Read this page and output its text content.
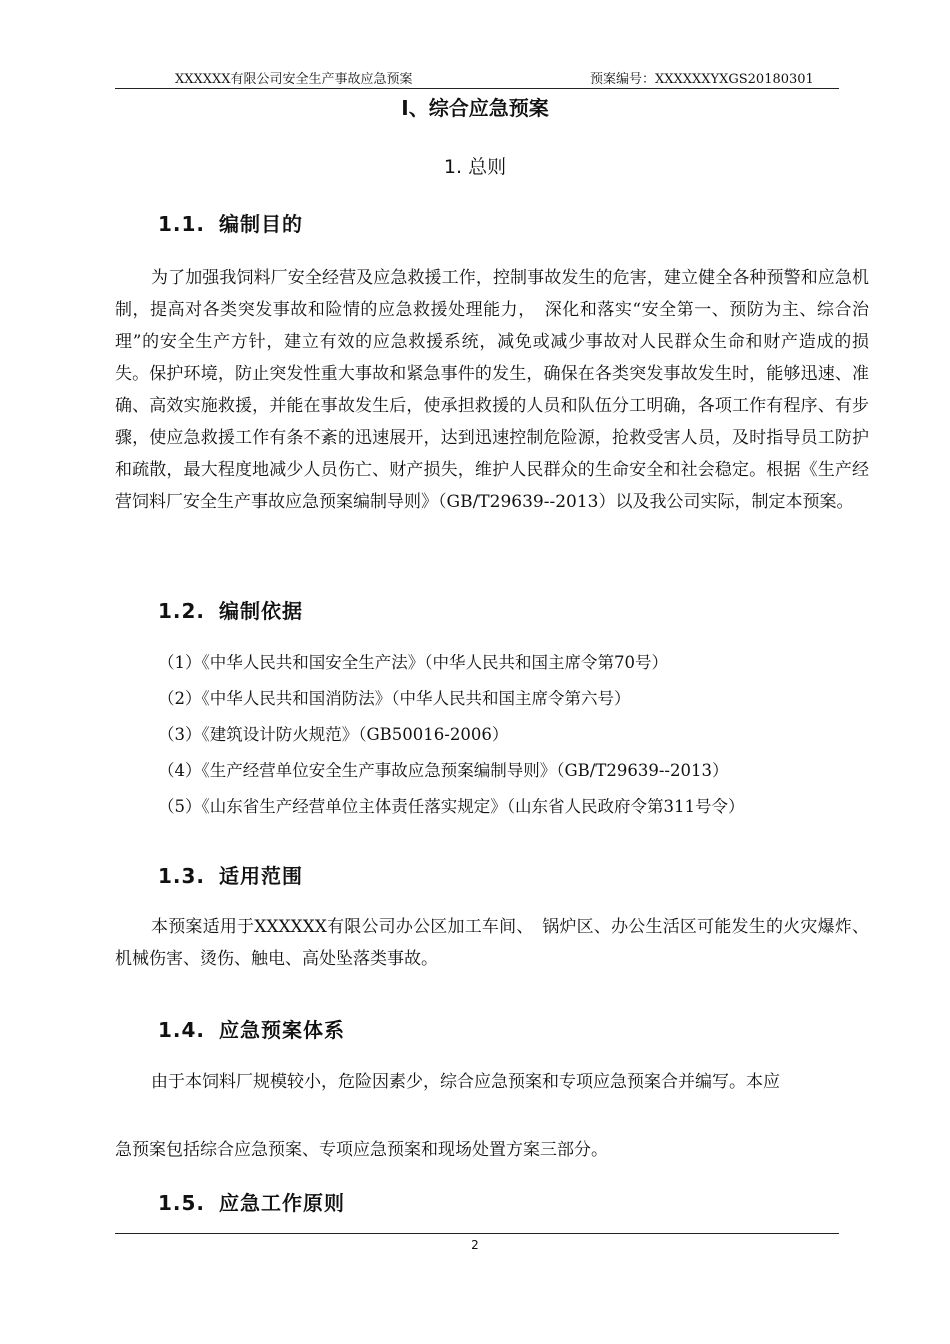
XXXXXX有限公司安全生产事故应急预案	预案编号：XXXXXXYXGS20180301
Ⅰ、综合应急预案
1. 总则
1.1. 编制目的

为了加强我饲料厂安全经营及应急救援工作，控制事故发生的危害，建立健全各种预警和应急机制，提高对各类突发事故和险情的应急救援处理能力，　深化和落实“安全第一、预防为主、综合治理”的安全生产方针，建立有效的应急救援系统，减免或减少事故对人民群众生命和财产造成的损失。保护环境，防止突发性重大事故和紧急事件的发生，确保在各类突发事故发生时，能够迅速、准确、高效实施救援，并能在事故发生后，使承担救援的人员和队伍分工明确，各项工作有程序、有步骤，使应急救援工作有条不紊的迅速展开，达到迅速控制危险源，抢救受害人员，及时指导员工防护和疏散，最大程度地减少人员伤亡、财产损失，维护人民群众的生命安全和社会稳定。根据《生产经营饲料厂安全生产事故应急预案编制导则》（GB/T29639--2013）以及我公司实际，制定本预案。

1.2. 编制依据
（1）《中华人民共和国安全生产法》（中华人民共和国主席令第70号）
（2）《中华人民共和国消防法》（中华人民共和国主席令第六号）
（3）《建筑设计防火规范》（GB50016-2006）
（4）《生产经营单位安全生产事故应急预案编制导则》（GB/T29639--2013）
（5）《山东省生产经营单位主体责任落实规定》（山东省人民政府令第311号令）
1.3. 适用范围

本预案适用于XXXXXX有限公司办公区加工车间、　锅炉区、办公生活区可能发生的火灾爆炸、机械伤害、烫伤、触电、高处坠落类事故。

1.4. 应急预案体系

由于本饲料厂规模较小，危险因素少，综合应急预案和专项应急预案合并编写。本应

急预案包括综合应急预案、专项应急预案和现场处置方案三部分。

1.5. 应急工作原则
2
